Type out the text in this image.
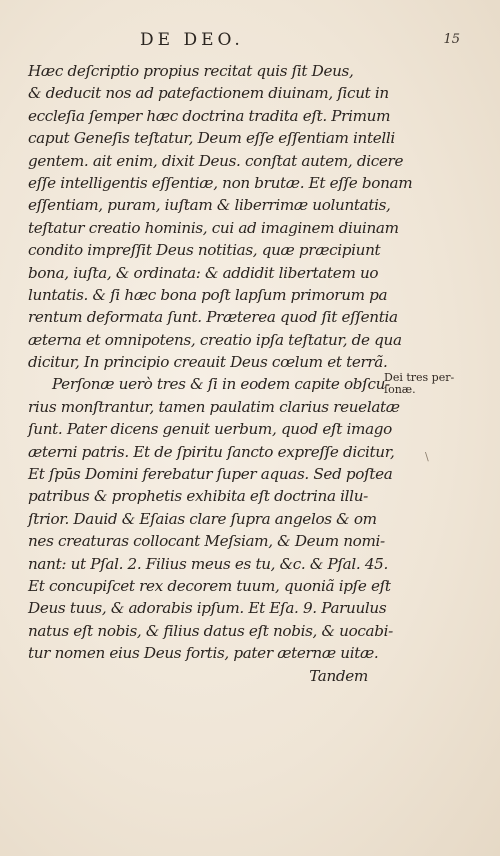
DE DEO.	15
Hæc deſcriptio propius recitat quis ſit Deus,
& deducit nos ad patefactionem diuinam, ſicut in
eccleſia ſemper hæc doctrina tradita eſt. Primum
caput Geneſis teſtatur, Deum eſſe eſſentiam intelli
gentem. ait enim, dixit Deus. conſtat autem, dicere
eſſe intelligentis eſſentiæ, non brutæ. Et eſſe bonam
eſſentiam, puram, iuſtam & liberrimæ uoluntatis,
teſtatur creatio hominis, cui ad imaginem diuinam
condito impreſſit Deus notitias, quæ præcipiunt
bona, iuſta, & ordinata: & addidit libertatem uo
luntatis. & ſi hæc bona poſt lapſum primorum pa
rentum deformata ſunt. Præterea quod ſit eſſentia
æterna et omnipotens, creatio ipſa teſtatur, de qua
dicitur, In principio creauit Deus cœlum et terrã.
Perſonæ uerò tres & ſi in eodem capite obſcu-
rius monſtrantur, tamen paulatim clarius reuelatæ
ſunt. Pater dicens genuit uerbum, quod eſt imago
æterni patris. Et de ſpiritu ſancto expreſſe dicitur,
Et ſpūs Domini ferebatur ſuper aquas. Sed poſtea
patribus & prophetis exhibita eſt doctrina illu-
ſtrior. Dauid & Eſaias clare ſupra angelos & om
nes creaturas collocant Meſsiam, & Deum nomi-
nant: ut Pſal. 2. Filius meus es tu, &c. & Pſal. 45.
Et concupiſcet rex decorem tuum, quoniã ipſe eſt
Deus tuus, & adorabis ipſum. Et Eſa. 9. Paruulus
natus eſt nobis, & filius datus eſt nobis, & uocabi-
tur nomen eius Deus fortis, pater æternæ uitæ.
Tandem
Dei tres per-
ſonæ.
\
